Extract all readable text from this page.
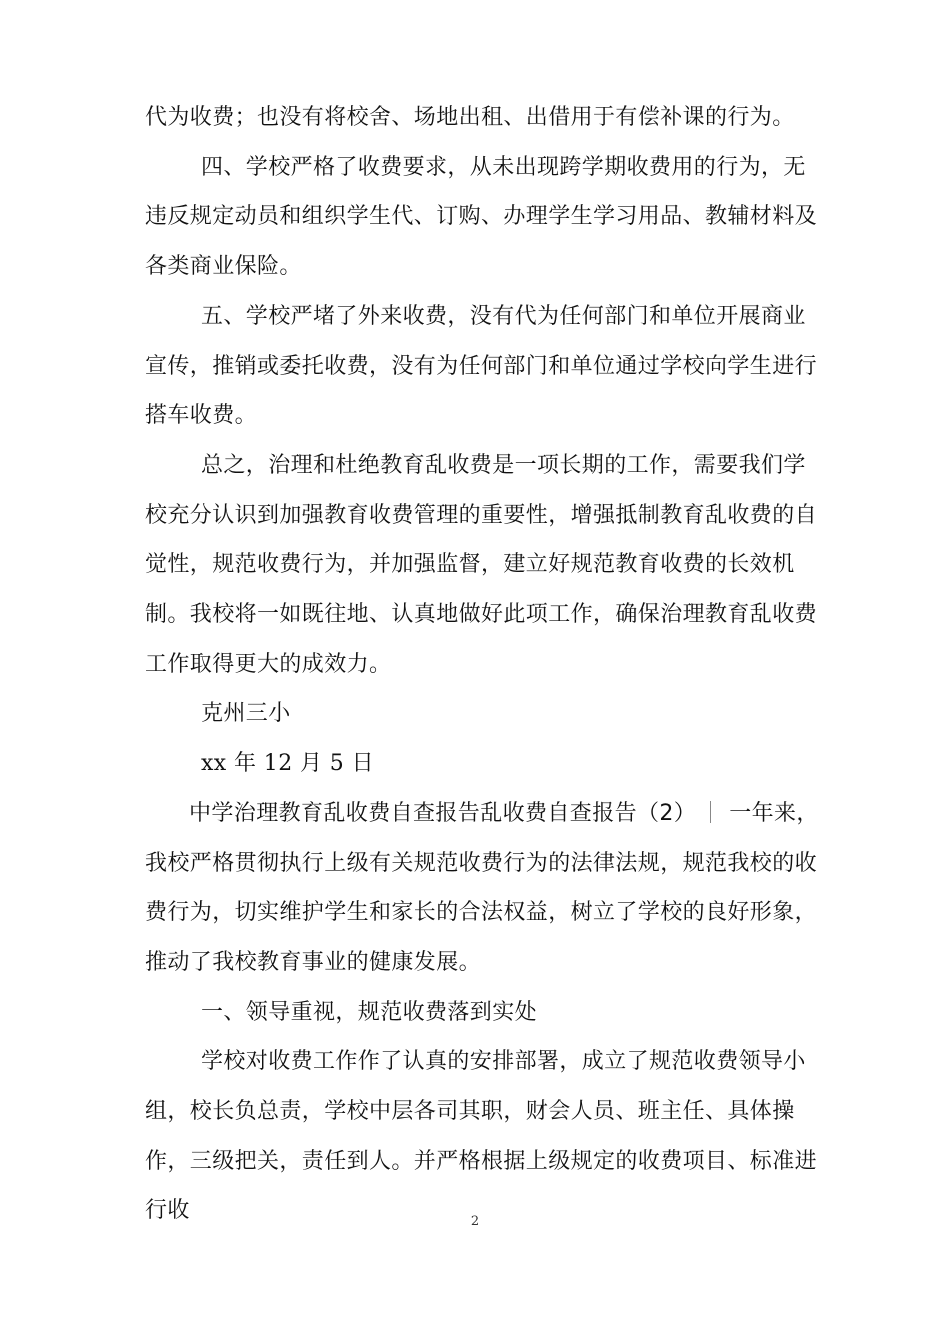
代为收费；也没有将校舍、场地出租、出借用于有偿补课的行为。

四、学校严格了收费要求，从未出现跨学期收费用的行为，无违反规定动员和组织学生代、订购、办理学生学习用品、教辅材料及各类商业保险。

五、学校严堵了外来收费，没有代为任何部门和单位开展商业宣传，推销或委托收费，没有为任何部门和单位通过学校向学生进行搭车收费。

总之，治理和杜绝教育乱收费是一项长期的工作，需要我们学校充分认识到加强教育收费管理的重要性，增强抵制教育乱收费的自觉性，规范收费行为，并加强监督，建立好规范教育收费的长效机制。我校将一如既往地、认真地做好此项工作，确保治理教育乱收费工作取得更大的成效力。

克州三小

xx 年 12 月 5 日

中学治理教育乱收费自查报告乱收费自查报告（2） 一年来，我校严格贯彻执行上级有关规范收费行为的法律法规，规范我校的收费行为，切实维护学生和家长的合法权益，树立了学校的良好形象，推动了我校教育事业的健康发展。

一、领导重视，规范收费落到实处

学校对收费工作作了认真的安排部署，成立了规范收费领导小组，校长负总责，学校中层各司其职，财会人员、班主任、具体操作，三级把关，责任到人。并严格根据上级规定的收费项目、标准进行收	2
